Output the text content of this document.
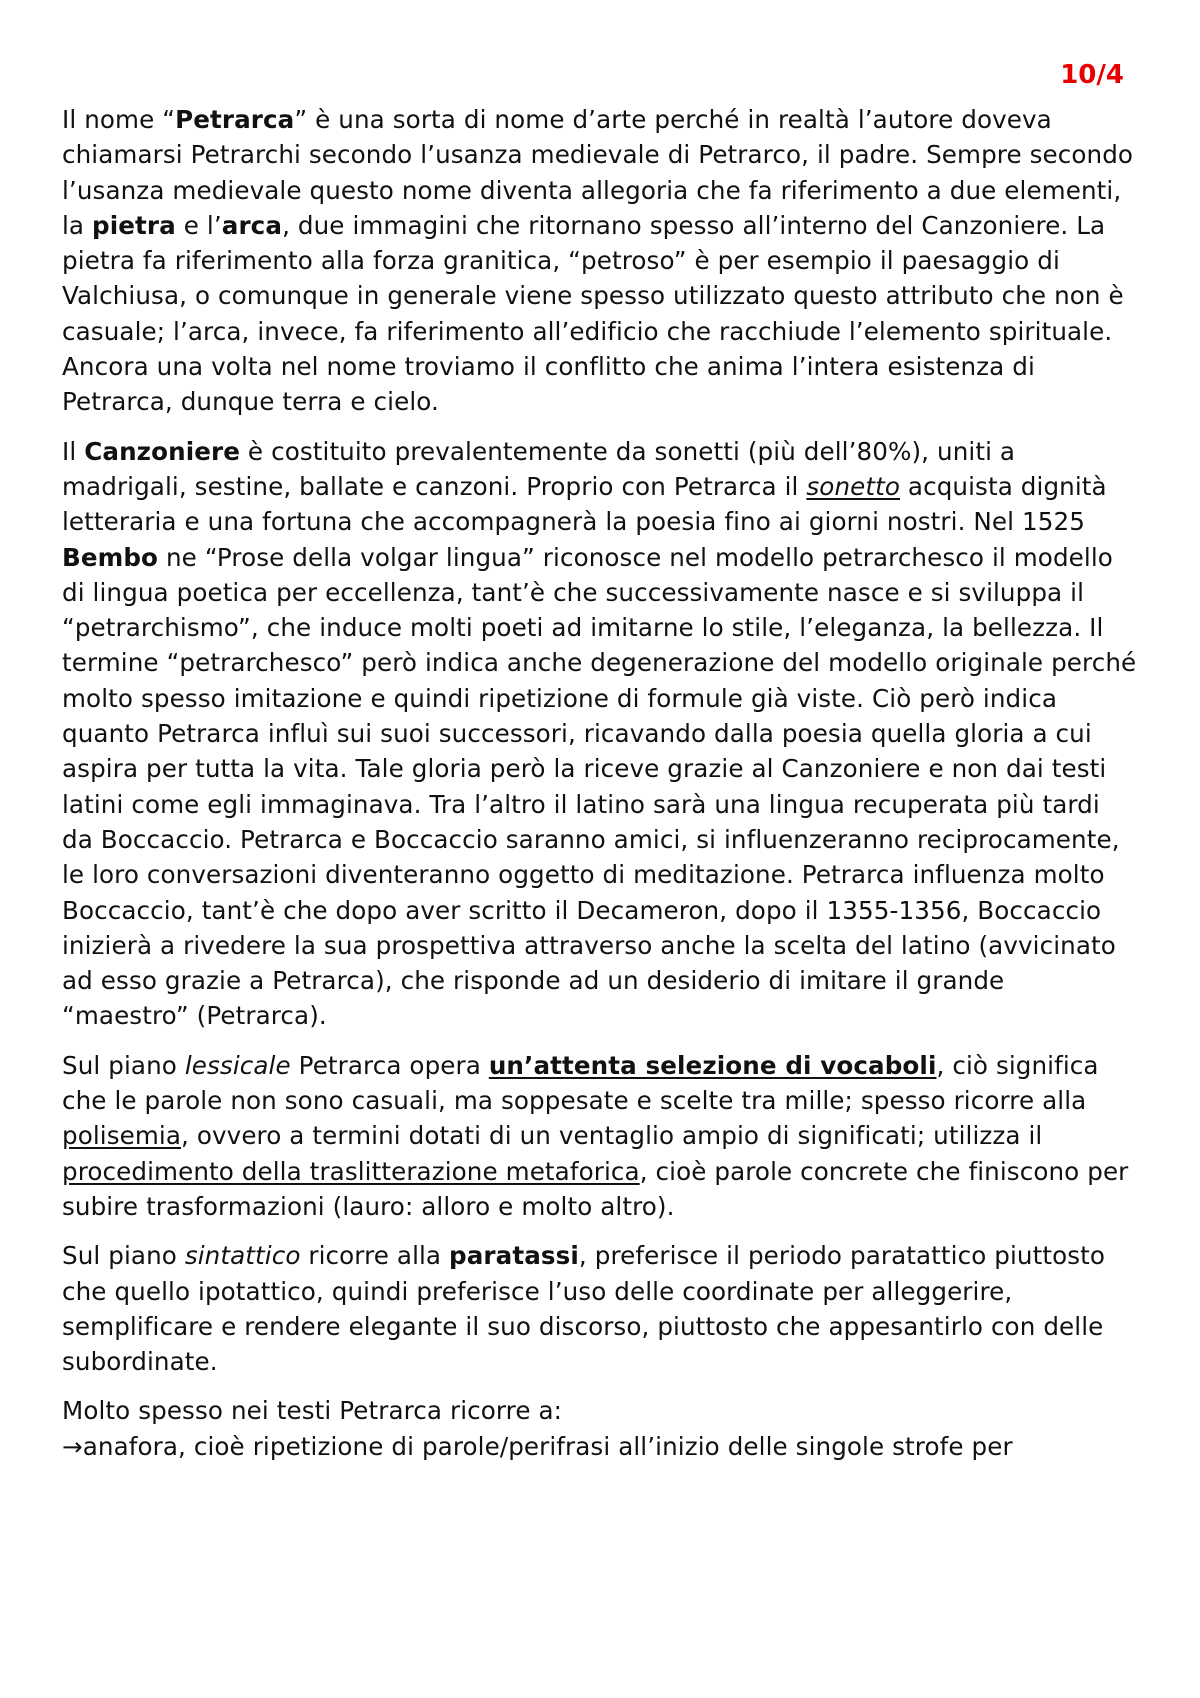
10/4

Il nome “Petrarca” è una sorta di nome d’arte perché in realtà l’autore doveva chiamarsi Petrarchi secondo l’usanza medievale di Petrarco, il padre. Sempre secondo l’usanza medievale questo nome diventa allegoria che fa riferimento a due elementi, la pietra e l’arca, due immagini che ritornano spesso all’interno del Canzoniere. La pietra fa riferimento alla forza granitica, “petroso” è per esempio il paesaggio di Valchiusa, o comunque in generale viene spesso utilizzato questo attributo che non è casuale; l’arca, invece, fa riferimento all’edificio che racchiude l’elemento spirituale. Ancora una volta nel nome troviamo il conflitto che anima l’intera esistenza di Petrarca, dunque terra e cielo.

Il Canzoniere è costituito prevalentemente da sonetti (più dell’80%), uniti a madrigali, sestine, ballate e canzoni. Proprio con Petrarca il sonetto acquista dignità letteraria e una fortuna che accompagnerà la poesia fino ai giorni nostri. Nel 1525 Bembo ne “Prose della volgar lingua” riconosce nel modello petrarchesco il modello di lingua poetica per eccellenza, tant’è che successivamente nasce e si sviluppa il “petrarchismo”, che induce molti poeti ad imitarne lo stile, l’eleganza, la bellezza. Il termine “petrarchesco” però indica anche degenerazione del modello originale perché molto spesso imitazione e quindi ripetizione di formule già viste. Ciò però indica quanto Petrarca influì sui suoi successori, ricavando dalla poesia quella gloria a cui aspira per tutta la vita. Tale gloria però la riceve grazie al Canzoniere e non dai testi latini come egli immaginava. Tra l’altro il latino sarà una lingua recuperata più tardi da Boccaccio. Petrarca e Boccaccio saranno amici, si influenzeranno reciprocamente, le loro conversazioni diventeranno oggetto di meditazione. Petrarca influenza molto Boccaccio, tant’è che dopo aver scritto il Decameron, dopo il 1355-1356, Boccaccio inizierà a rivedere la sua prospettiva attraverso anche la scelta del latino (avvicinato ad esso grazie a Petrarca), che risponde ad un desiderio di imitare il grande “maestro” (Petrarca).

Sul piano lessicale Petrarca opera un’attenta selezione di vocaboli, ciò significa che le parole non sono casuali, ma soppesate e scelte tra mille; spesso ricorre alla polisemia, ovvero a termini dotati di un ventaglio ampio di significati; utilizza il procedimento della traslitterazione metaforica, cioè parole concrete che finiscono per subire trasformazioni (lauro: alloro e molto altro).

Sul piano sintattico ricorre alla paratassi, preferisce il periodo paratattico piuttosto che quello ipotattico, quindi preferisce l’uso delle coordinate per alleggerire, semplificare e rendere elegante il suo discorso, piuttosto che appesantirlo con delle subordinate.

Molto spesso nei testi Petrarca ricorre a:

→anafora, cioè ripetizione di parole/perifrasi all’inizio delle singole strofe per
